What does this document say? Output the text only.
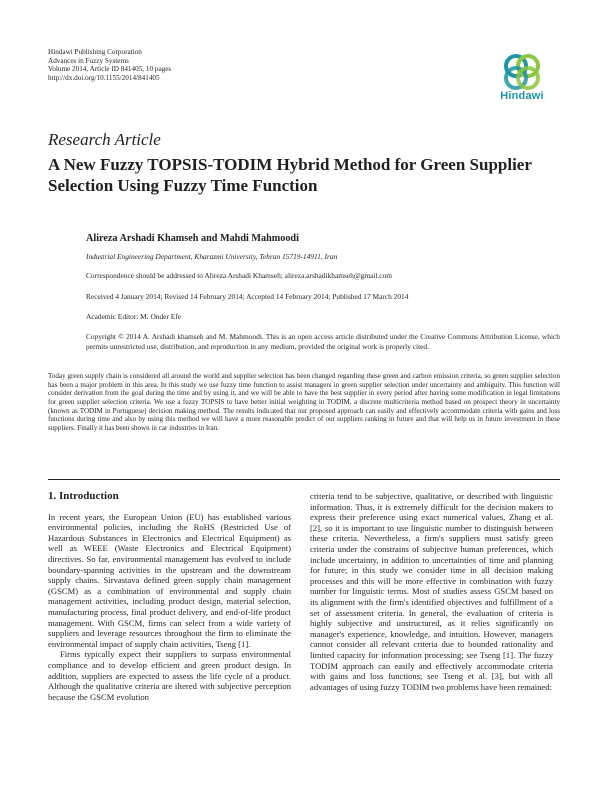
Hindawi Publishing Corporation
Advances in Fuzzy Systems
Volume 2014, Article ID 841405, 10 pages
http://dx.doi.org/10.1155/2014/841405
Hindawi
Research Article
A New Fuzzy TOPSIS-TODIM Hybrid Method for Green Supplier Selection Using Fuzzy Time Function
Alireza Arshadi Khamseh and Mahdi Mahmoodi
Industrial Engineering Department, Kharazmi University, Tehran 15719-14911, Iran
Correspondence should be addressed to Alireza Arshadi Khamseh; alireza.arshadikhamseh@gmail.com
Received 4 January 2014; Revised 14 February 2014; Accepted 14 February 2014; Published 17 March 2014
Academic Editor: M. Onder Efe
Copyright © 2014 A. Arshadi khamseh and M. Mahmoodi. This is an open access article distributed under the Creative Commons Attribution License, which permits unrestricted use, distribution, and reproduction in any medium, provided the original work is properly cited.
Today green supply chain is considered all around the world and supplier selection has been changed regarding these green and carbon emission criteria, so green supplier selection has been a major problem in this area. In this study we use fuzzy time function to assist managers in green supplier selection under uncertainty and ambiguity. This function will consider derivation from the goal during the time and by using it, and we will be able to have the best supplier in every period after having some modification in legal limitations for green supplier selection criteria. We use a fuzzy TOPSIS to have better initial weighting in TODIM, a discrete multicriteria method based on prospect theory in uncertainty (known as TODIM in Portuguese) decision making method. The results indicated that our proposed approach can easily and effectively accommodate criteria with gains and loss functions during time and also by using this method we will have a more reasonable predict of our suppliers ranking in future and that will help us in future investment in these suppliers. Finally it has been shown in car industries in Iran.
1. Introduction

In recent years, the European Union (EU) has established various environmental policies, including the RoHS (Restricted Use of Hazardous Substances in Electronics and Electrical Equipment) as well as WEEE (Waste Electronics and Electrical Equipment) directives. So far, environmental management has evolved to include boundary-spanning activities in the upstream and the downstream supply chains. Sirvastava defined green supply chain management (GSCM) as a combination of environmental and supply chain management activities, including product design, material selection, manufacturing process, final product delivery, and end-of-life product management. With GSCM, firms can select from a wide variety of suppliers and leverage resources throughout the firm to eliminate the environmental impact of supply chain activities, Tseng [1].

Firms typically expect their suppliers to surpass environmental compliance and to develop efficient and green product design. In addition, suppliers are expected to assess the life cycle of a product. Although the qualitative criteria are iltered with subjective perception because the GSCM evolution

criteria tend to be subjective, qualitative, or described with linguistic information. Thus, it is extremely difficult for the decision makers to express their preference using exact numerical values, Zhang et al. [2], so it is important to use linguistic number to distinguish between these criteria. Nevertheless, a firm's suppliers must satisfy green criteria under the constrains of subjective human preferences, which include uncertainty, in addition to uncertainties of time and planning for future; in this study we consider time in all decision making processes and this will be more effective in combination with fuzzy number for linguistic terms. Most of studies assess GSCM based on its alignment with the firm's identified objectives and fulfillment of a set of assessment criteria. In general, the evaluation of criteria is highly subjective and unstructured, as it relies significantly on manager's experience, knowledge, and intuition. However, managers cannot consider all relevant criteria due to bounded rationality and limited capacity for information processing; see Tseng [1]. The fuzzy TODIM approach can easily and effectively accommodate criteria with gains and loss functions; see Tseng et al. [3], but with all advantages of using fuzzy TODIM two problems have been remained:
